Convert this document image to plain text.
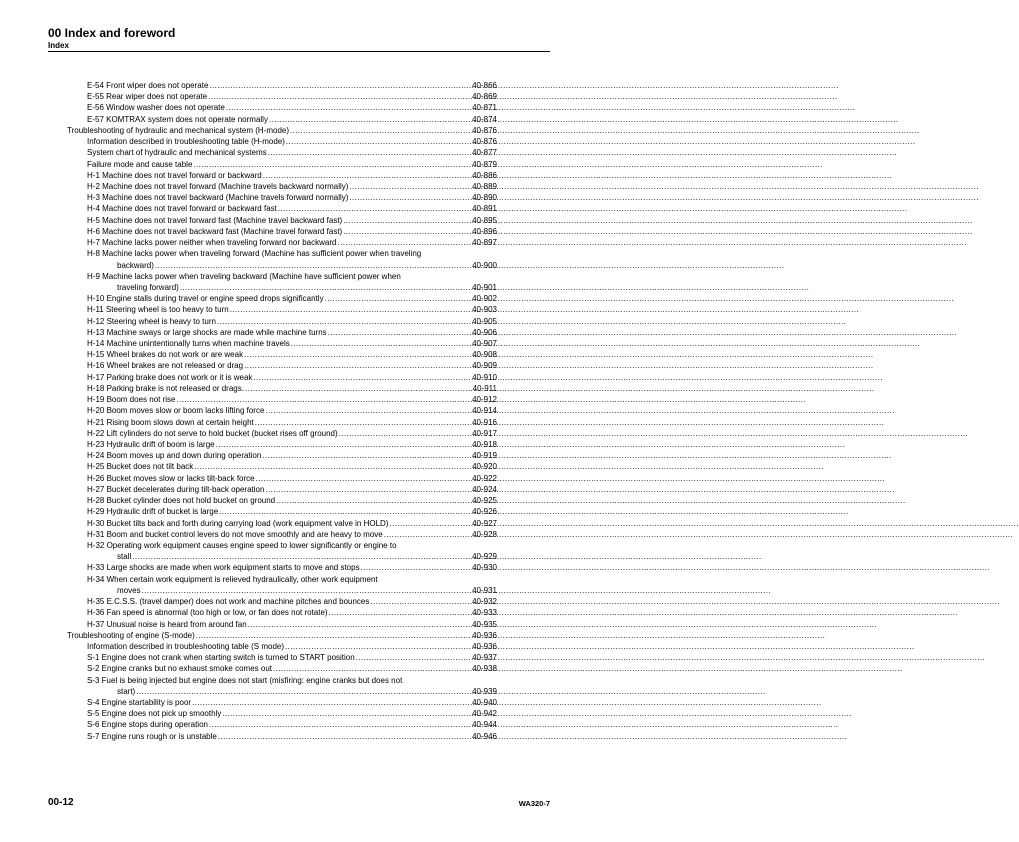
00 Index and foreword
Index
E-54 Front wiper does not operate .....	40-866
E-55 Rear wiper does not operate .....	40-869
E-56 Window washer does not operate .....	40-871
E-57 KOMTRAX system does not operate normally .....	40-874
Troubleshooting of hydraulic and mechanical system (H-mode) .....	40-876
Information described in troubleshooting table (H-mode) .....	40-876
System chart of hydraulic and mechanical systems .....	40-877
Failure mode and cause table .....	40-879
H-1 Machine does not travel forward or backward .....	40-886
H-2 Machine does not travel forward (Machine travels backward normally) .....	40-889
H-3 Machine does not travel backward (Machine travels forward normally) .....	40-890
H-4 Machine does not travel forward or backward fast .....	40-891
H-5 Machine does not travel forward fast (Machine travel backward fast) .....	40-895
H-6 Machine does not travel backward fast (Machine travel forward fast) .....	40-896
H-7 Machine lacks power neither when traveling forward nor backward .....	40-897
H-8 Machine lacks power when traveling forward (Machine has sufficient power when traveling
backward) .....	40-900
H-9 Machine lacks power when traveling backward (Machine have sufficient power when
traveling forward) .....	40-901
H-10 Engine stalls during travel or engine speed drops significantly .....	40-902
H-11 Steering wheel is too heavy to turn .....	40-903
H-12 Steering wheel is heavy to turn .....	40-905
H-13 Machine sways or large shocks are made while machine turns .....	40-906
H-14 Machine unintentionally turns when machine travels .....	40-907
H-15 Wheel brakes do not work or are weak .....	40-908
H-16 Wheel brakes are not released or drag .....	40-909
H-17 Parking brake does not work or it is weak .....	40-910
H-18 Parking brake is not released or drags. .....	40-911
H-19 Boom does not rise .....	40-912
H-20 Boom moves slow or boom lacks lifting force .....	40-914
H-21 Rising boom slows down at certain height .....	40-916
H-22 Lift cylinders do not serve to hold bucket (bucket rises off ground) .....	40-917
H-23 Hydraulic drift of boom is large .....	40-918
H-24 Boom moves up and down during operation .....	40-919
H-25 Bucket does not tilt back .....	40-920
H-26 Bucket moves slow or lacks tilt-back force .....	40-922
H-27 Bucket decelerates during tilt-back operation .....	40-924
H-28 Bucket cylinder does not hold bucket on ground .....	40-925
H-29 Hydraulic drift of bucket is large .....	40-926
H-30 Bucket tilts back and forth during carrying load (work equipment valve in HOLD) .....	40-927
H-31 Boom and bucket control levers do not move smoothly and are heavy to move .....	40-928
H-32 Operating work equipment causes engine speed to lower significantly or engine to
stall .....	40-929
H-33 Large shocks are made when work equipment starts to move and stops .....	40-930
H-34 When certain work equipment is relieved hydraulically, other work equipment
moves .....	40-931
H-35 E.C.S.S. (travel damper) does not work and machine pitches and bounces .....	40-932
H-36 Fan speed is abnormal (too high or low, or fan does not rotate) .....	40-933
H-37 Unusual noise is heard from around fan .....	40-935
Troubleshooting of engine (S-mode) .....	40-936
Information described in troubleshooting table (S mode) .....	40-936
S-1 Engine does not crank when starting switch is turned to START position .....	40-937
S-2 Engine cranks but no exhaust smoke comes out .....	40-938
S-3 Fuel is being injected but engine does not start (misfiring: engine cranks but does not
start) .....	40-939
S-4 Engine startability is poor .....	40-940
S-5 Engine does not pick up smoothly .....	40-942
S-6 Engine stops during operation .....	40-944
S-7 Engine runs rough or is unstable .....	40-946
00-12	WA320-7
